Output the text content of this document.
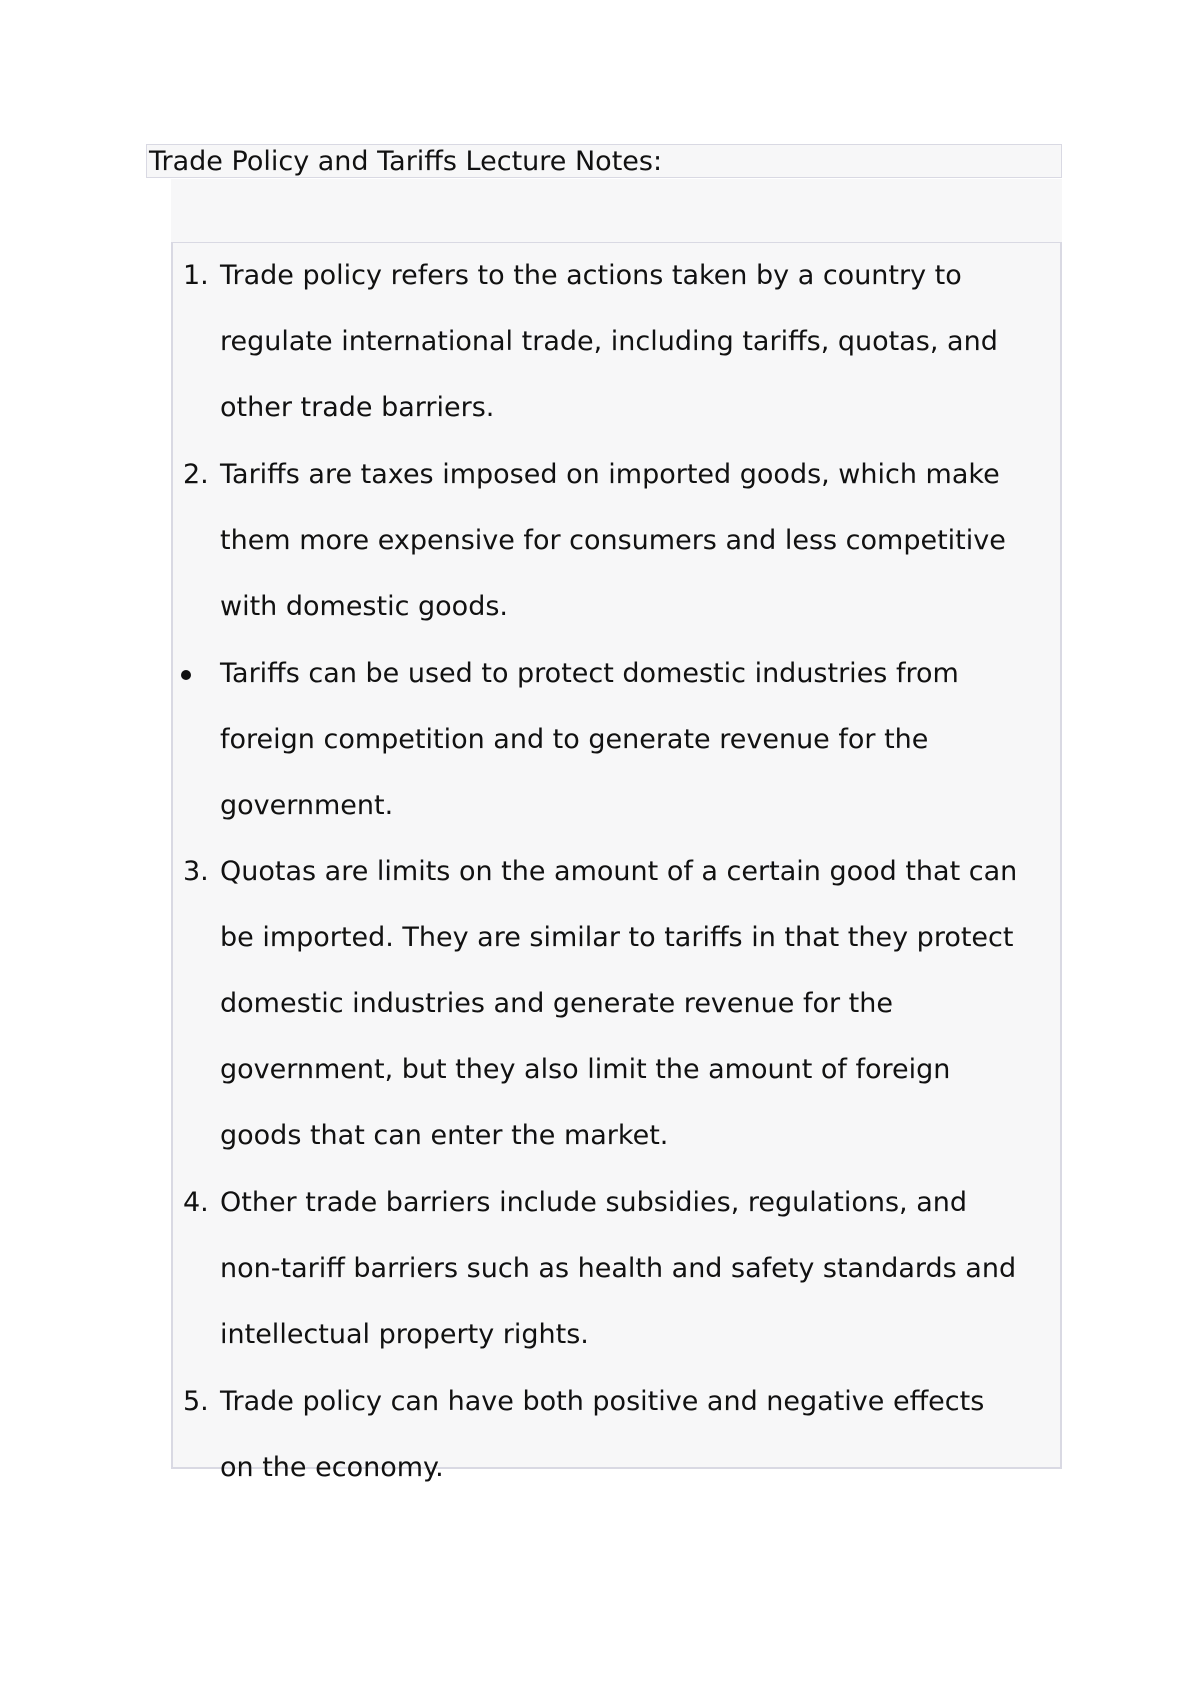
Trade Policy and Tariffs Lecture Notes:
1. Trade policy refers to the actions taken by a country to
regulate international trade, including tariffs, quotas, and
other trade barriers.
2. Tariffs are taxes imposed on imported goods, which make
them more expensive for consumers and less competitive
with domestic goods.
Tariffs can be used to protect domestic industries from
foreign competition and to generate revenue for the
government.
3. Quotas are limits on the amount of a certain good that can
be imported. They are similar to tariffs in that they protect
domestic industries and generate revenue for the
government, but they also limit the amount of foreign
goods that can enter the market.
4. Other trade barriers include subsidies, regulations, and
non-tariff barriers such as health and safety standards and
intellectual property rights.
5. Trade policy can have both positive and negative effects
on the economy.
